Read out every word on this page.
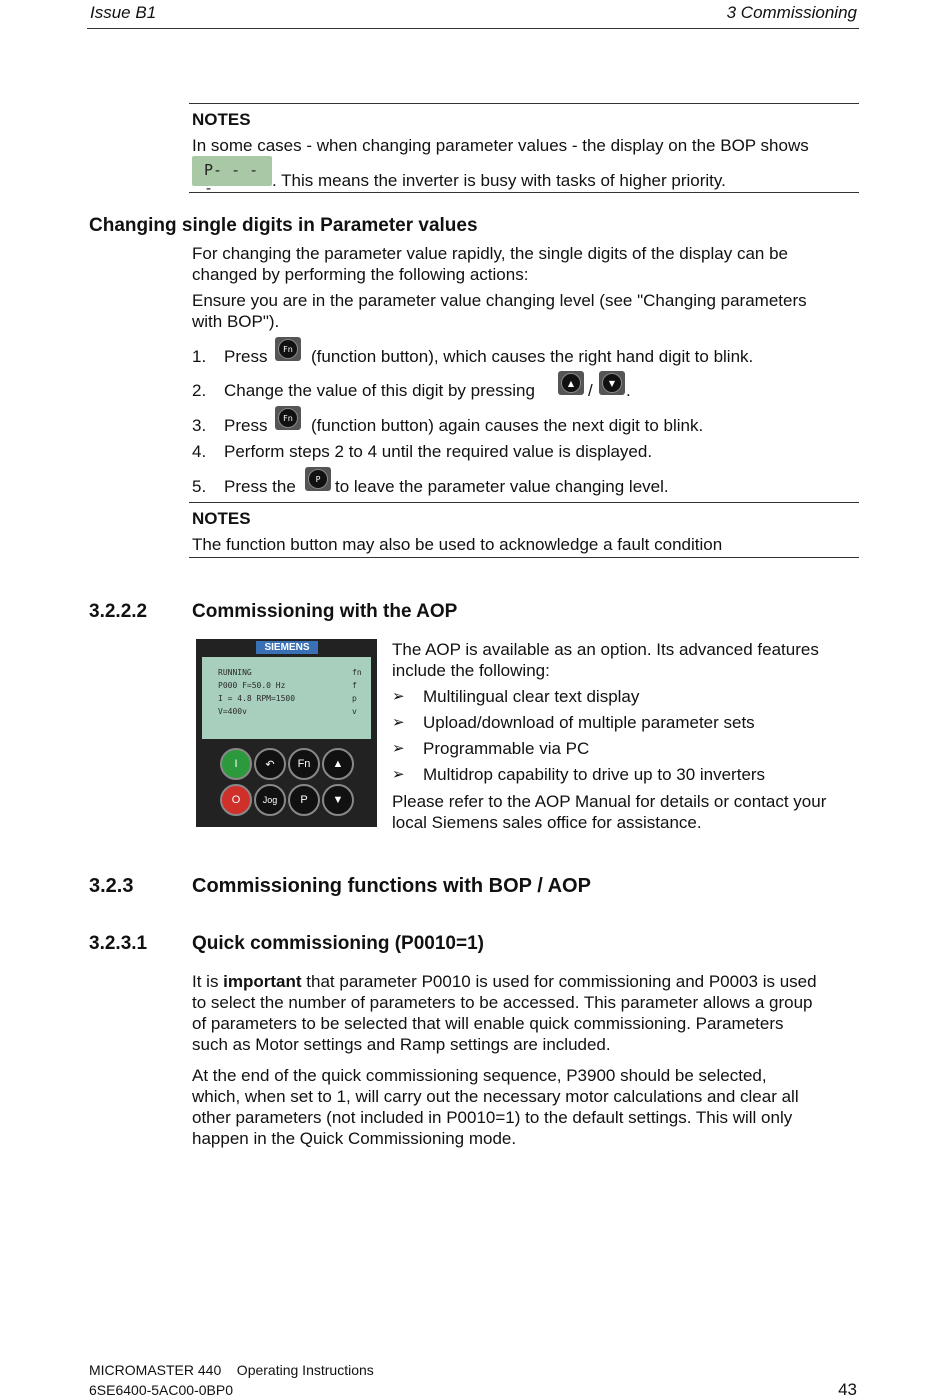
Issue B1	3 Commissioning
NOTES
In some cases - when changing parameter values - the display on the BOP shows
P- - - -	. This means the inverter is busy with tasks of higher priority.
Changing single digits in Parameter values
For changing the parameter value rapidly, the single digits of the display can be
changed by performing the following actions:
Ensure you are in the parameter value changing level (see "Changing parameters
with BOP").
1. Press	Fn	(function button), which causes the right hand digit to blink.
2. Change the value of this digit by pressing	▲ /	▼ .
3. Press	Fn	(function button) again causes the next digit to blink.
4. Perform steps 2 to 4 until the required value is displayed.
5. Press the	P to leave the parameter value changing level.
NOTES
The function button may also be used to acknowledge a fault condition
3.2.2.2 Commissioning with the AOP
SIEMENS
RUNNING
P000 F=50.0 Hz
I = 4.8 RPM=1500
V=400v
fn
f
p
v
I	↶	Fn	▲
O	Jog	P	▼
The AOP is available as an option. Its advanced features
include the following:
➢ Multilingual clear text display
➢ Upload/download of multiple parameter sets
➢ Programmable via PC
➢ Multidrop capability to drive up to 30 inverters
Please refer to the AOP Manual for details or contact your
local Siemens sales office for assistance.
3.2.3	Commissioning functions with BOP / AOP
3.2.3.1 Quick commissioning (P0010=1)
It is important that parameter P0010 is used for commissioning and P0003 is used
to select the number of parameters to be accessed. This parameter allows a group
of parameters to be selected that will enable quick commissioning. Parameters
such as Motor settings and Ramp settings are included.
At the end of the quick commissioning sequence, P3900 should be selected,
which, when set to 1, will carry out the necessary motor calculations and clear all
other parameters (not included in P0010=1) to the default settings. This will only
happen in the Quick Commissioning mode.
MICROMASTER 440    Operating Instructions
6SE6400-5AC00-0BP0	43
